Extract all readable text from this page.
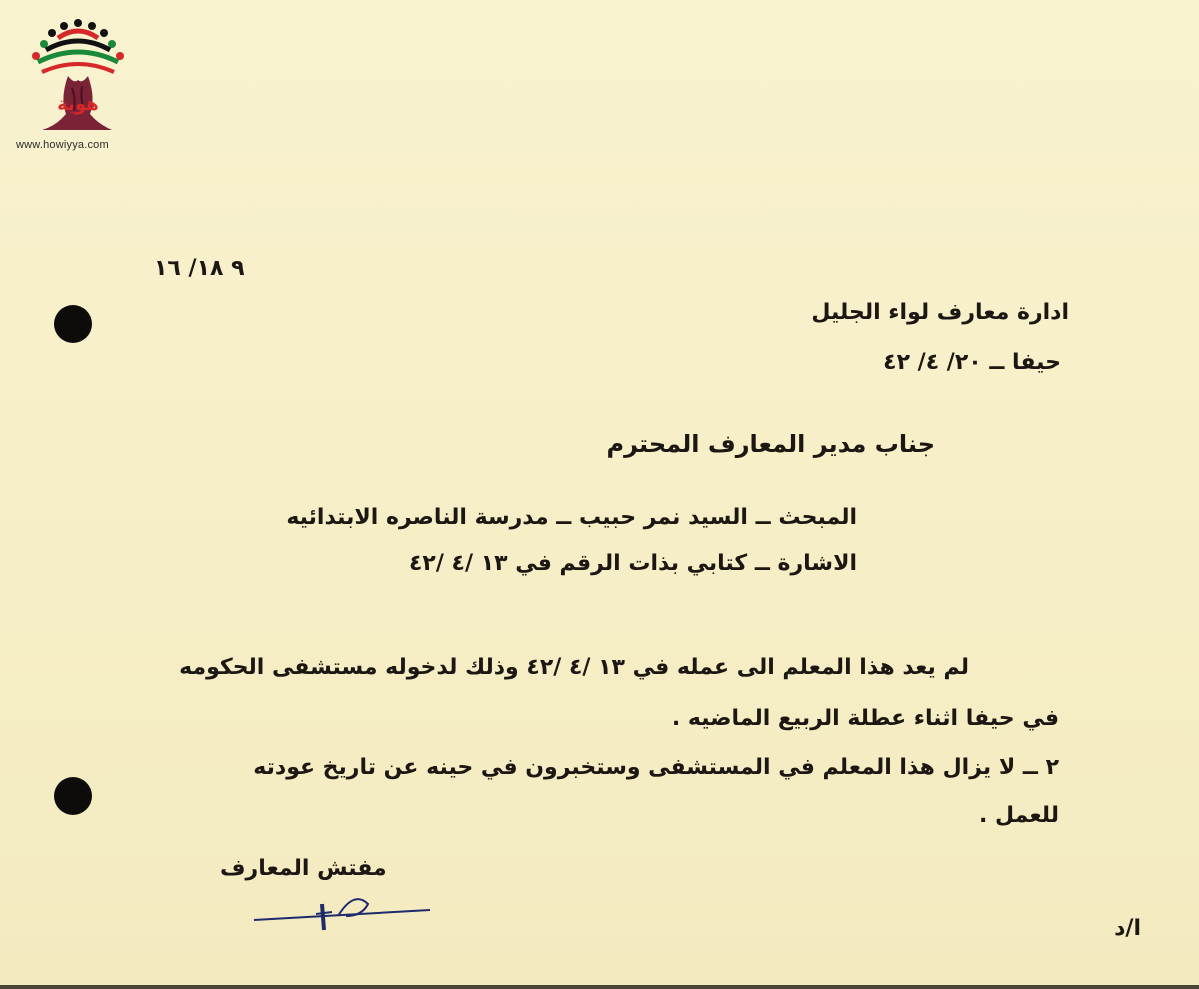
هوية
www.howiyya.com
٩ ١٨/ ١٦
ادارة معارف لواء الجليل
حيفا ــ ٢٠/ ٤/ ٤٢
جناب مدير المعارف المحترم
المبحث ــ السيد نمر حبيب ــ مدرسة الناصره الابتدائيه
الاشارة ــ كتابي بذات الرقم في ١٣ /٤ /٤٢
لم يعد هذا المعلم الى عمله في ١٣ /٤ /٤٢ وذلك لدخوله مستشفى الحكومه
في حيفا اثناء عطلة الربيع الماضيه .
٢ ــ لا يزال هذا المعلم في المستشفى وستخبرون في حينه عن تاريخ عودته
للعمل .
مفتش المعارف
ا/د
